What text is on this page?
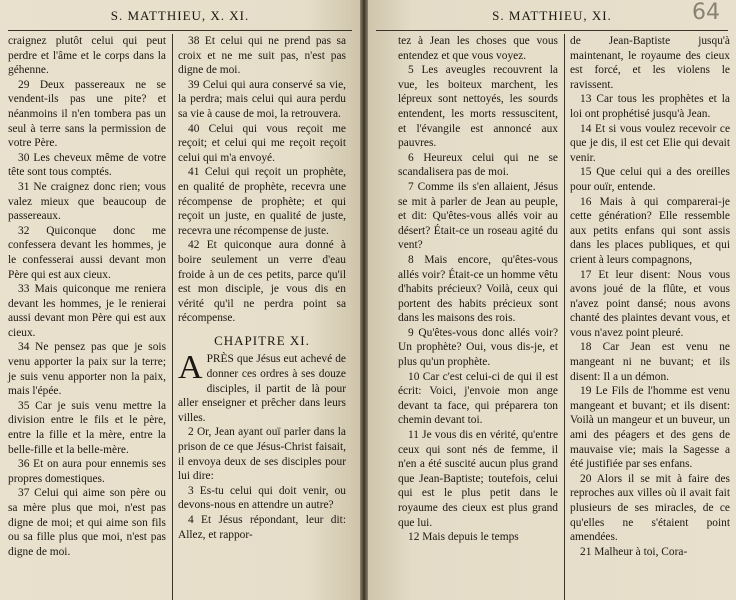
S. MATTHIEU, X. XI.

craignez plutôt celui qui peut perdre et l'âme et le corps dans la géhenne.

29 Deux passereaux ne se vendent-ils pas une pite? et néanmoins il n'en tombera pas un seul à terre sans la permission de votre Père.

30 Les cheveux même de votre tête sont tous comptés.

31 Ne craignez donc rien; vous valez mieux que beaucoup de passereaux.

32 Quiconque donc me confessera devant les hommes, je le confesserai aussi devant mon Père qui est aux cieux.

33 Mais quiconque me reniera devant les hommes, je le renierai aussi devant mon Père qui est aux cieux.

34 Ne pensez pas que je sois venu apporter la paix sur la terre; je suis venu apporter non la paix, mais l'épée.

35 Car je suis venu mettre la division entre le fils et le père, entre la fille et la mère, entre la belle-fille et la belle-mère.

36 Et on aura pour ennemis ses propres domestiques.

37 Celui qui aime son père ou sa mère plus que moi, n'est pas digne de moi; et qui aime son fils ou sa fille plus que moi, n'est pas digne de moi.

38 Et celui qui ne prend pas sa croix et ne me suit pas, n'est pas digne de moi.

39 Celui qui aura conservé sa vie, la perdra; mais celui qui aura perdu sa vie à cause de moi, la retrouvera.

40 Celui qui vous reçoit me reçoit; et celui qui me reçoit reçoit celui qui m'a envoyé.

41 Celui qui reçoit un prophète, en qualité de prophète, recevra une récompense de prophète; et qui reçoit un juste, en qualité de juste, recevra une récompense de juste.

42 Et quiconque aura donné à boire seulement un verre d'eau froide à un de ces petits, parce qu'il est mon disciple, je vous dis en vérité qu'il ne perdra point sa récompense.

CHAPITRE XI.

APRÈS que Jésus eut achevé de donner ces ordres à ses douze disciples, il partit de là pour aller enseigner et prêcher dans leurs villes.

2 Or, Jean ayant ouï parler dans la prison de ce que Jésus-Christ faisait, il envoya deux de ses disciples pour lui dire:

3 Es-tu celui qui doit venir, ou devons-nous en attendre un autre?

4 Et Jésus répondant, leur dit: Allez, et rappor-

S. MATTHIEU, XI.	64

tez à Jean les choses que vous entendez et que vous voyez.

5 Les aveugles recouvrent la vue, les boiteux marchent, les lépreux sont nettoyés, les sourds entendent, les morts ressuscitent, et l'évangile est annoncé aux pauvres.

6 Heureux celui qui ne se scandalisera pas de moi.

7 Comme ils s'en allaient, Jésus se mit à parler de Jean au peuple, et dit: Qu'êtes-vous allés voir au désert? Était-ce un roseau agité du vent?

8 Mais encore, qu'êtes-vous allés voir? Était-ce un homme vêtu d'habits précieux? Voilà, ceux qui portent des habits précieux sont dans les maisons des rois.

9 Qu'êtes-vous donc allés voir? Un prophète? Oui, vous dis-je, et plus qu'un prophète.

10 Car c'est celui-ci de qui il est écrit: Voici, j'envoie mon ange devant ta face, qui préparera ton chemin devant toi.

11 Je vous dis en vérité, qu'entre ceux qui sont nés de femme, il n'en a été suscité aucun plus grand que Jean-Baptiste; toutefois, celui qui est le plus petit dans le royaume des cieux est plus grand que lui.

12 Mais depuis le temps

de Jean-Baptiste jusqu'à maintenant, le royaume des cieux est forcé, et les violens le ravissent.

13 Car tous les prophètes et la loi ont prophétisé jusqu'à Jean.

14 Et si vous voulez recevoir ce que je dis, il est cet Elie qui devait venir.

15 Que celui qui a des oreilles pour ouïr, entende.

16 Mais à qui comparerai-je cette génération? Elle ressemble aux petits enfans qui sont assis dans les places publiques, et qui crient à leurs compagnons,

17 Et leur disent: Nous vous avons joué de la flûte, et vous n'avez point dansé; nous avons chanté des plaintes devant vous, et vous n'avez point pleuré.

18 Car Jean est venu ne mangeant ni ne buvant; et ils disent: Il a un démon.

19 Le Fils de l'homme est venu mangeant et buvant; et ils disent: Voilà un mangeur et un buveur, un ami des péagers et des gens de mauvaise vie; mais la Sagesse a été justifiée par ses enfans.

20 Alors il se mit à faire des reproches aux villes où il avait fait plusieurs de ses miracles, de ce qu'elles ne s'étaient point amendées.

21 Malheur à toi, Cora-
